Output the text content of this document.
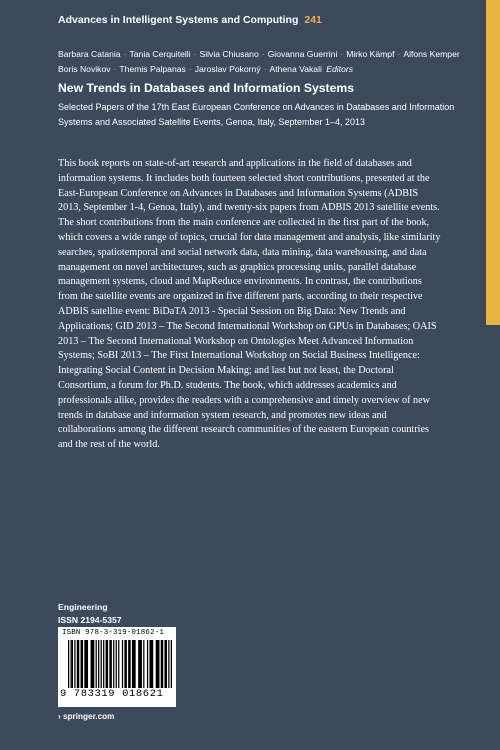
Advances in Intelligent Systems and Computing 241
Barbara Catania · Tania Cerquitelli · Silvia Chiusano · Giovanna Guerrini · Mirko Kämpf · Alfons Kemper
Boris Novikov · Themis Palpanas · Jaroslav Pokorný · Athena Vakali Editors
New Trends in Databases and Information Systems
Selected Papers of the 17th East European Conference on Advances in Databases and Information Systems and Associated Satellite Events, Genoa, Italy, September 1–4, 2013

This book reports on state-of-art research and applications in the field of databases and information systems. It includes both fourteen selected short contributions, presented at the East-European Conference on Advances in Databases and Information Systems (ADBIS 2013, September 1-4, Genoa, Italy), and twenty-six papers from ADBIS 2013 satellite events. The short contributions from the main conference are collected in the first part of the book, which covers a wide range of topics, crucial for data management and analysis, like similarity searches, spatiotemporal and social network data, data mining, data warehousing, and data management on novel architectures, such as graphics processing units, parallel database management systems, cloud and MapReduce environments. In contrast, the contributions from the satellite events are organized in five different parts, according to their respective ADBIS satellite event: BiDaTA 2013 - Special Session on Big Data: New Trends and Applications; GID 2013 – The Second International Workshop on GPUs in Databases; OAIS 2013 – The Second International Workshop on Ontologies Meet Advanced Information Systems; SoBI 2013 – The First International Workshop on Social Business Intelligence: Integrating Social Content in Decision Making; and last but not least, the Doctoral Consortium, a forum for Ph.D. students. The book, which addresses academics and professionals alike, provides the readers with a comprehensive and timely overview of new trends in database and information system research, and promotes new ideas and collaborations among the different research communities of the eastern European countries and the rest of the world.

Engineering
ISSN 2194-5357
ISBN 978-3-319-01862-1
9 783319 018621
› springer.com
